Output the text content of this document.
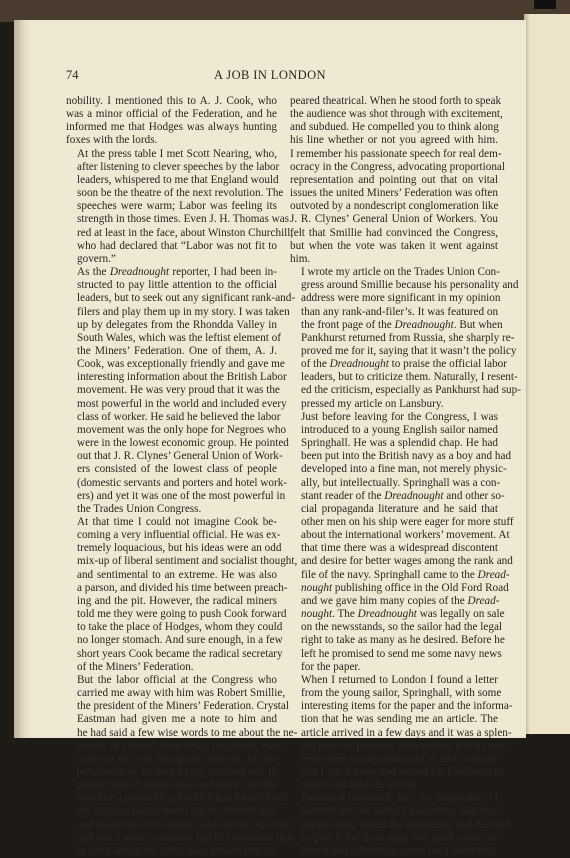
74	A JOB IN LONDON

nobility. I mentioned this to A. J. Cook, who
was a minor official of the Federation, and he
informed me that Hodges was always hunting
foxes with the lords.

At the press table I met Scott Nearing, who,
after listening to clever speeches by the labor
leaders, whispered to me that England would
soon be the theatre of the next revolution. The
speeches were warm; Labor was feeling its
strength in those times. Even J. H. Thomas was
red at least in the face, about Winston Churchill,
who had declared that “Labor was not fit to
govern.”

As the Dreadnought reporter, I had been in-
structed to pay little attention to the official
leaders, but to seek out any significant rank-and-
filers and play them up in my story. I was taken
up by delegates from the Rhondda Valley in
South Wales, which was the leftist element of
the Miners’ Federation. One of them, A. J.
Cook, was exceptionally friendly and gave me
interesting information about the British Labor
movement. He was very proud that it was the
most powerful in the world and included every
class of worker. He said he believed the labor
movement was the only hope for Negroes who
were in the lowest economic group. He pointed
out that J. R. Clynes’ General Union of Work-
ers consisted of the lowest class of people
(domestic servants and porters and hotel work-
ers) and yet it was one of the most powerful in
the Trades Union Congress.

At that time I could not imagine Cook be-
coming a very influential official. He was ex-
tremely loquacious, but his ideas were an odd
mix-up of liberal sentiment and socialist thought,
and sentimental to an extreme. He was also
a parson, and divided his time between preach-
ing and the pit. However, the radical miners
told me they were going to push Cook forward
to take the place of Hodges, whom they could
no longer stomach. And sure enough, in a few
short years Cook became the radical secretary
of the Miners’ Federation.

But the labor official at the Congress who
carried me away with him was Robert Smillie,
the president of the Miners’ Federation. Crystal
Eastman had given me a note to him and
he had said a few wise words to me about the ne-
cessity of colored labor being organized, espe-
cially in the vast European colonies, for the
betterment of its own living standard and to
protect that of white organized labor. Smillie
was like a powerful ash which had forced itself
up, coaxing nourishment out of infertile soil,
and towering over saplings and shrubs. His face
and voice were so terribly full of conviction that
in comparison the colleagues around him ap-

peared theatrical. When he stood forth to speak
the audience was shot through with excitement,
and subdued. He compelled you to think along
his line whether or not you agreed with him.
I remember his passionate speech for real dem-
ocracy in the Congress, advocating proportional
representation and pointing out that on vital
issues the united Miners’ Federation was often
outvoted by a nondescript conglomeration like
J. R. Clynes’ General Union of Workers. You
felt that Smillie had convinced the Congress,
but when the vote was taken it went against
him.

I wrote my article on the Trades Union Con-
gress around Smillie because his personality and
address were more significant in my opinion
than any rank-and-filer’s. It was featured on
the front page of the Dreadnought. But when
Pankhurst returned from Russia, she sharply re-
proved me for it, saying that it wasn’t the policy
of the Dreadnought to praise the official labor
leaders, but to criticize them. Naturally, I resent-
ed the criticism, especially as Pankhurst had sup-
pressed my article on Lansbury.

Just before leaving for the Congress, I was
introduced to a young English sailor named
Springhall. He was a splendid chap. He had
been put into the British navy as a boy and had
developed into a fine man, not merely physic-
ally, but intellectually. Springhall was a con-
stant reader of the Dreadnought and other so-
cial propaganda literature and he said that
other men on his ship were eager for more stuff
about the international workers’ movement. At
that time there was a widespread discontent
and desire for better wages among the rank and
file of the navy. Springhall came to the Dread-
nought publishing office in the Old Ford Road
and we gave him many copies of the Dread-
nought. The Dreadnought was legally on sale
on the newsstands, so the sailor had the legal
right to take as many as he desired. Before he
left he promised to send me some navy news
for the paper.

When I returned to London I found a letter
from the young sailor, Springhall, with some
interesting items for the paper and the informa-
tion that he was sending me an article. The
article arrived in a few days and it was a splen-
did piece of precious information. But its con-
tents were so important and of such a nature
that I put it away and waited for Pankhurst to
return and read the article.

Pankhurst returned late in September. I
showed her the sailor’s document. She was
enthusiastic, edited the document, and decided
to give it the front page. We used a nom de
plume and a fictitious name for a battleship.
